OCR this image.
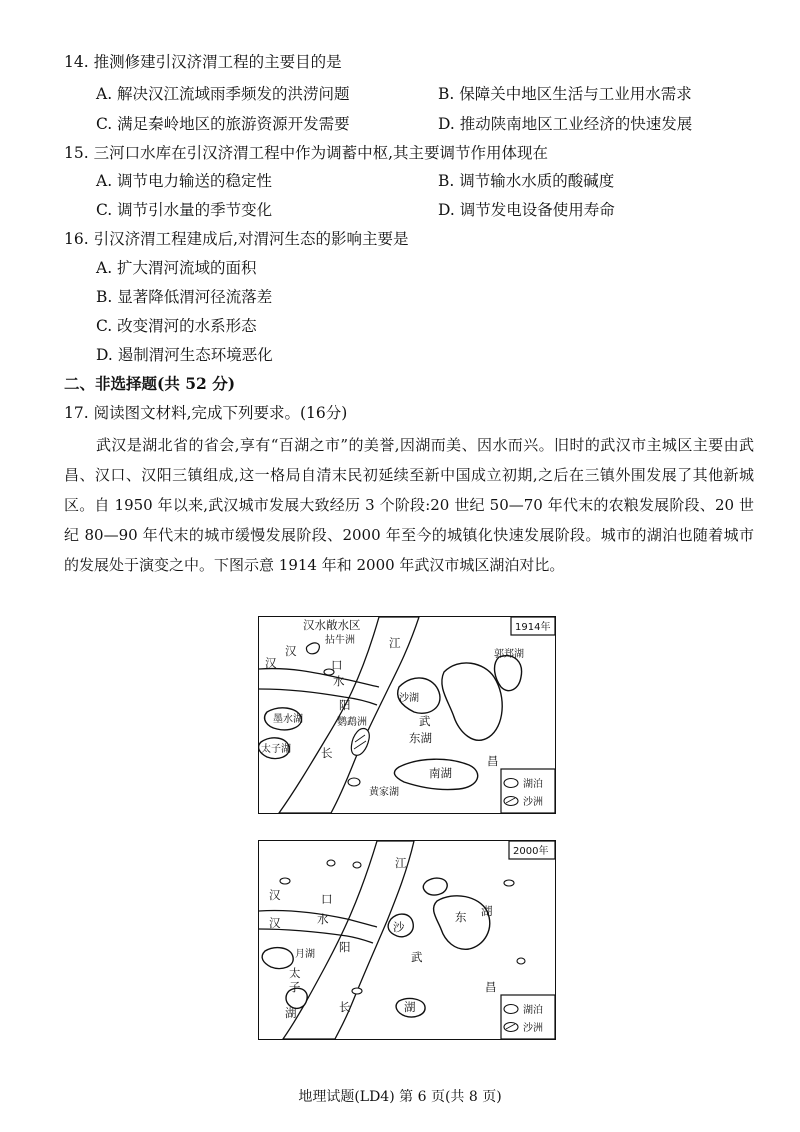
14. 推测修建引汉济渭工程的主要目的是
A. 解决汉江流域雨季频发的洪涝问题	B. 保障关中地区生活与工业用水需求
C. 满足秦岭地区的旅游资源开发需要	D. 推动陕南地区工业经济的快速发展
15. 三河口水库在引汉济渭工程中作为调蓄中枢,其主要调节作用体现在
A. 调节电力输送的稳定性	B. 调节输水水质的酸碱度
C. 调节引水量的季节变化	D. 调节发电设备使用寿命
16. 引汉济渭工程建成后,对渭河生态的影响主要是
A. 扩大渭河流域的面积
B. 显著降低渭河径流落差
C. 改变渭河的水系形态
D. 遏制渭河生态环境恶化
二、非选择题(共 52 分)
17. 阅读图文材料,完成下列要求。(16分)
武汉是湖北省的省会,享有“百湖之市”的美誉,因湖而美、因水而兴。旧时的武汉市主城区主要由武昌、汉口、汉阳三镇组成,这一格局自清末民初延续至新中国成立初期,之后在三镇外围发展了其他新城区。自 1950 年以来,武汉城市发展大致经历 3 个阶段:20 世纪 50—70 年代末的农粮发展阶段、20 世纪 80—90 年代末的城市缓慢发展阶段、2000 年至今的城镇化快速发展阶段。城市的湖泊也随着城市的发展处于演变之中。下图示意 1914 年和 2000 年武汉市城区湖泊对比。
汉水敞水区
拈牛洲
汉
汉	口
水
江
沙湖
郭郑湖
阳
墨水湖
太子湖
鹦鹉洲	武
东湖
长
南湖
昌
黄家湖
1914年
湖泊
沙洲
汉	口
江
汉	水
沙
东 湖
月湖
阳
武
太
子
湖	长
昌
湖
2000年
湖泊
沙洲
地理试题(LD4) 第 6 页(共 8 页)
